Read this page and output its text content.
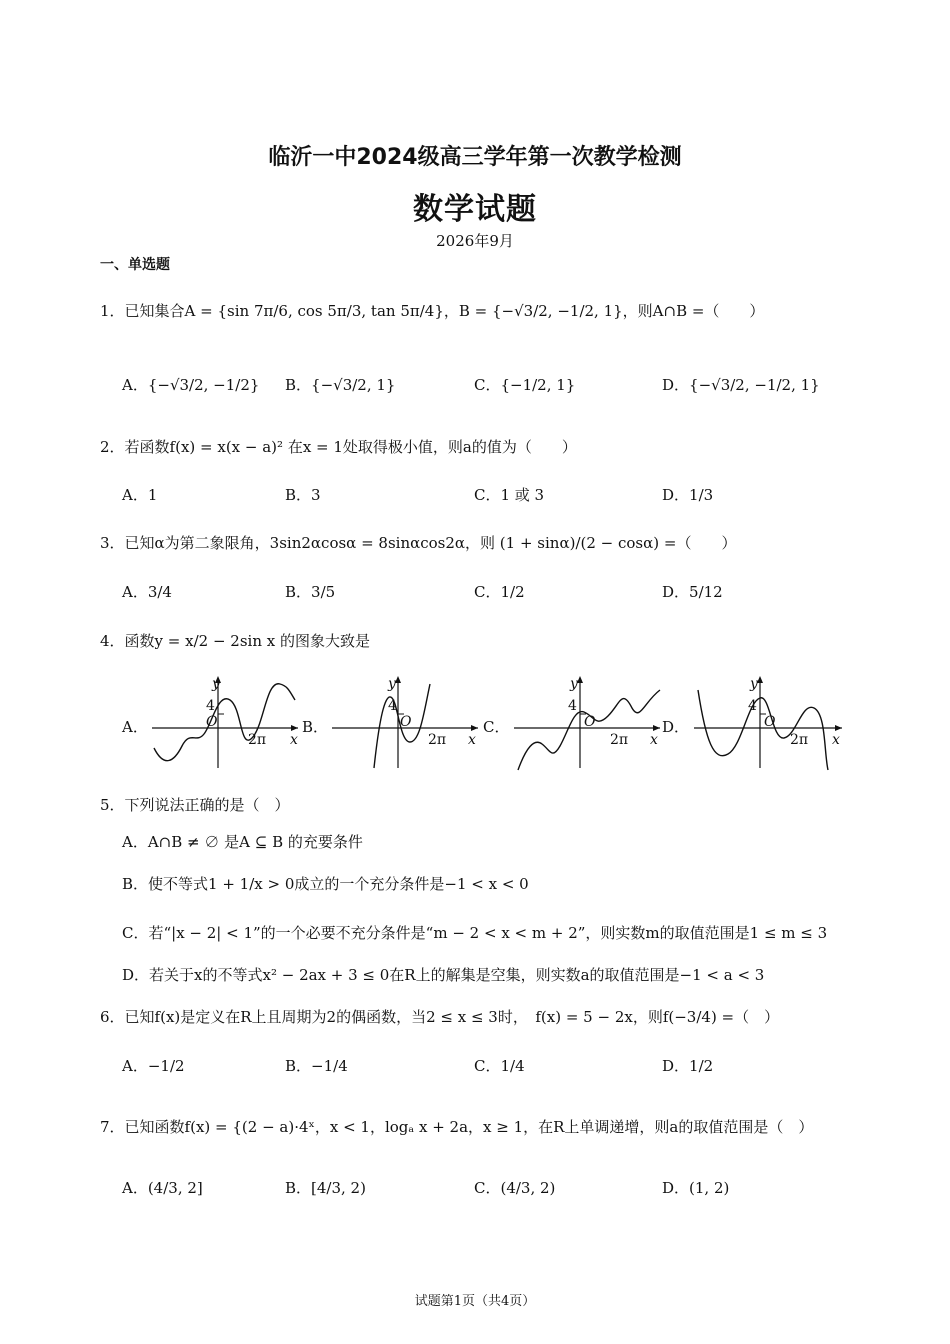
临沂一中2024级高三学年第一次教学检测
数学试题
2026年9月
一、单选题
1．已知集合A = {sin 7π/6, cos 5π/3, tan 5π/4}，B = {−√3/2, −1/2, 1}，则A∩B =（　　）
A．{−√3/2, −1/2} B．{−√3/2, 1}	C．{−1/2, 1}	D．{−√3/2, −1/2, 1}
2．若函数f(x) = x(x − a)² 在x = 1处取得极小值，则a的值为（　　）
A．1	B．3	C．1 或 3	D．1/3
3．已知α为第二象限角，3sin2αcosα = 8sinαcos2α，则 (1 + sinα)/(2 − cosα) =（　　）
A．3/4	B．3/5	C．1/2	D．5/12
4．函数y = x/2 − 2sin x 的图象大致是
A．
y
x
O
4
2π
B．
y
x
O
4
2π
C．
y
x
O
4
2π
D．
y
x
O
4
2π
5．下列说法正确的是（　）
A．A∩B ≠ ∅ 是A ⊆ B 的充要条件
B．使不等式1 + 1/x > 0成立的一个充分条件是−1 < x < 0
C．若“|x − 2| < 1”的一个必要不充分条件是“m − 2 < x < m + 2”，则实数m的取值范围是1 ≤ m ≤ 3
D．若关于x的不等式x² − 2ax + 3 ≤ 0在R上的解集是空集，则实数a的取值范围是−1 < a < 3
6．已知f(x)是定义在R上且周期为2的偶函数，当2 ≤ x ≤ 3时，　f(x) = 5 − 2x，则f(−3/4) =（　）
A．−1/2	B．−1/4	C．1/4	D．1/2
7．已知函数f(x) = {(2 − a)·4ˣ，x < 1，logₐ x + 2a，x ≥ 1，在R上单调递增，则a的取值范围是（　）
A．(4/3, 2]	B．[4/3, 2)	C．(4/3, 2)	D．(1, 2)
试题第1页（共4页）
